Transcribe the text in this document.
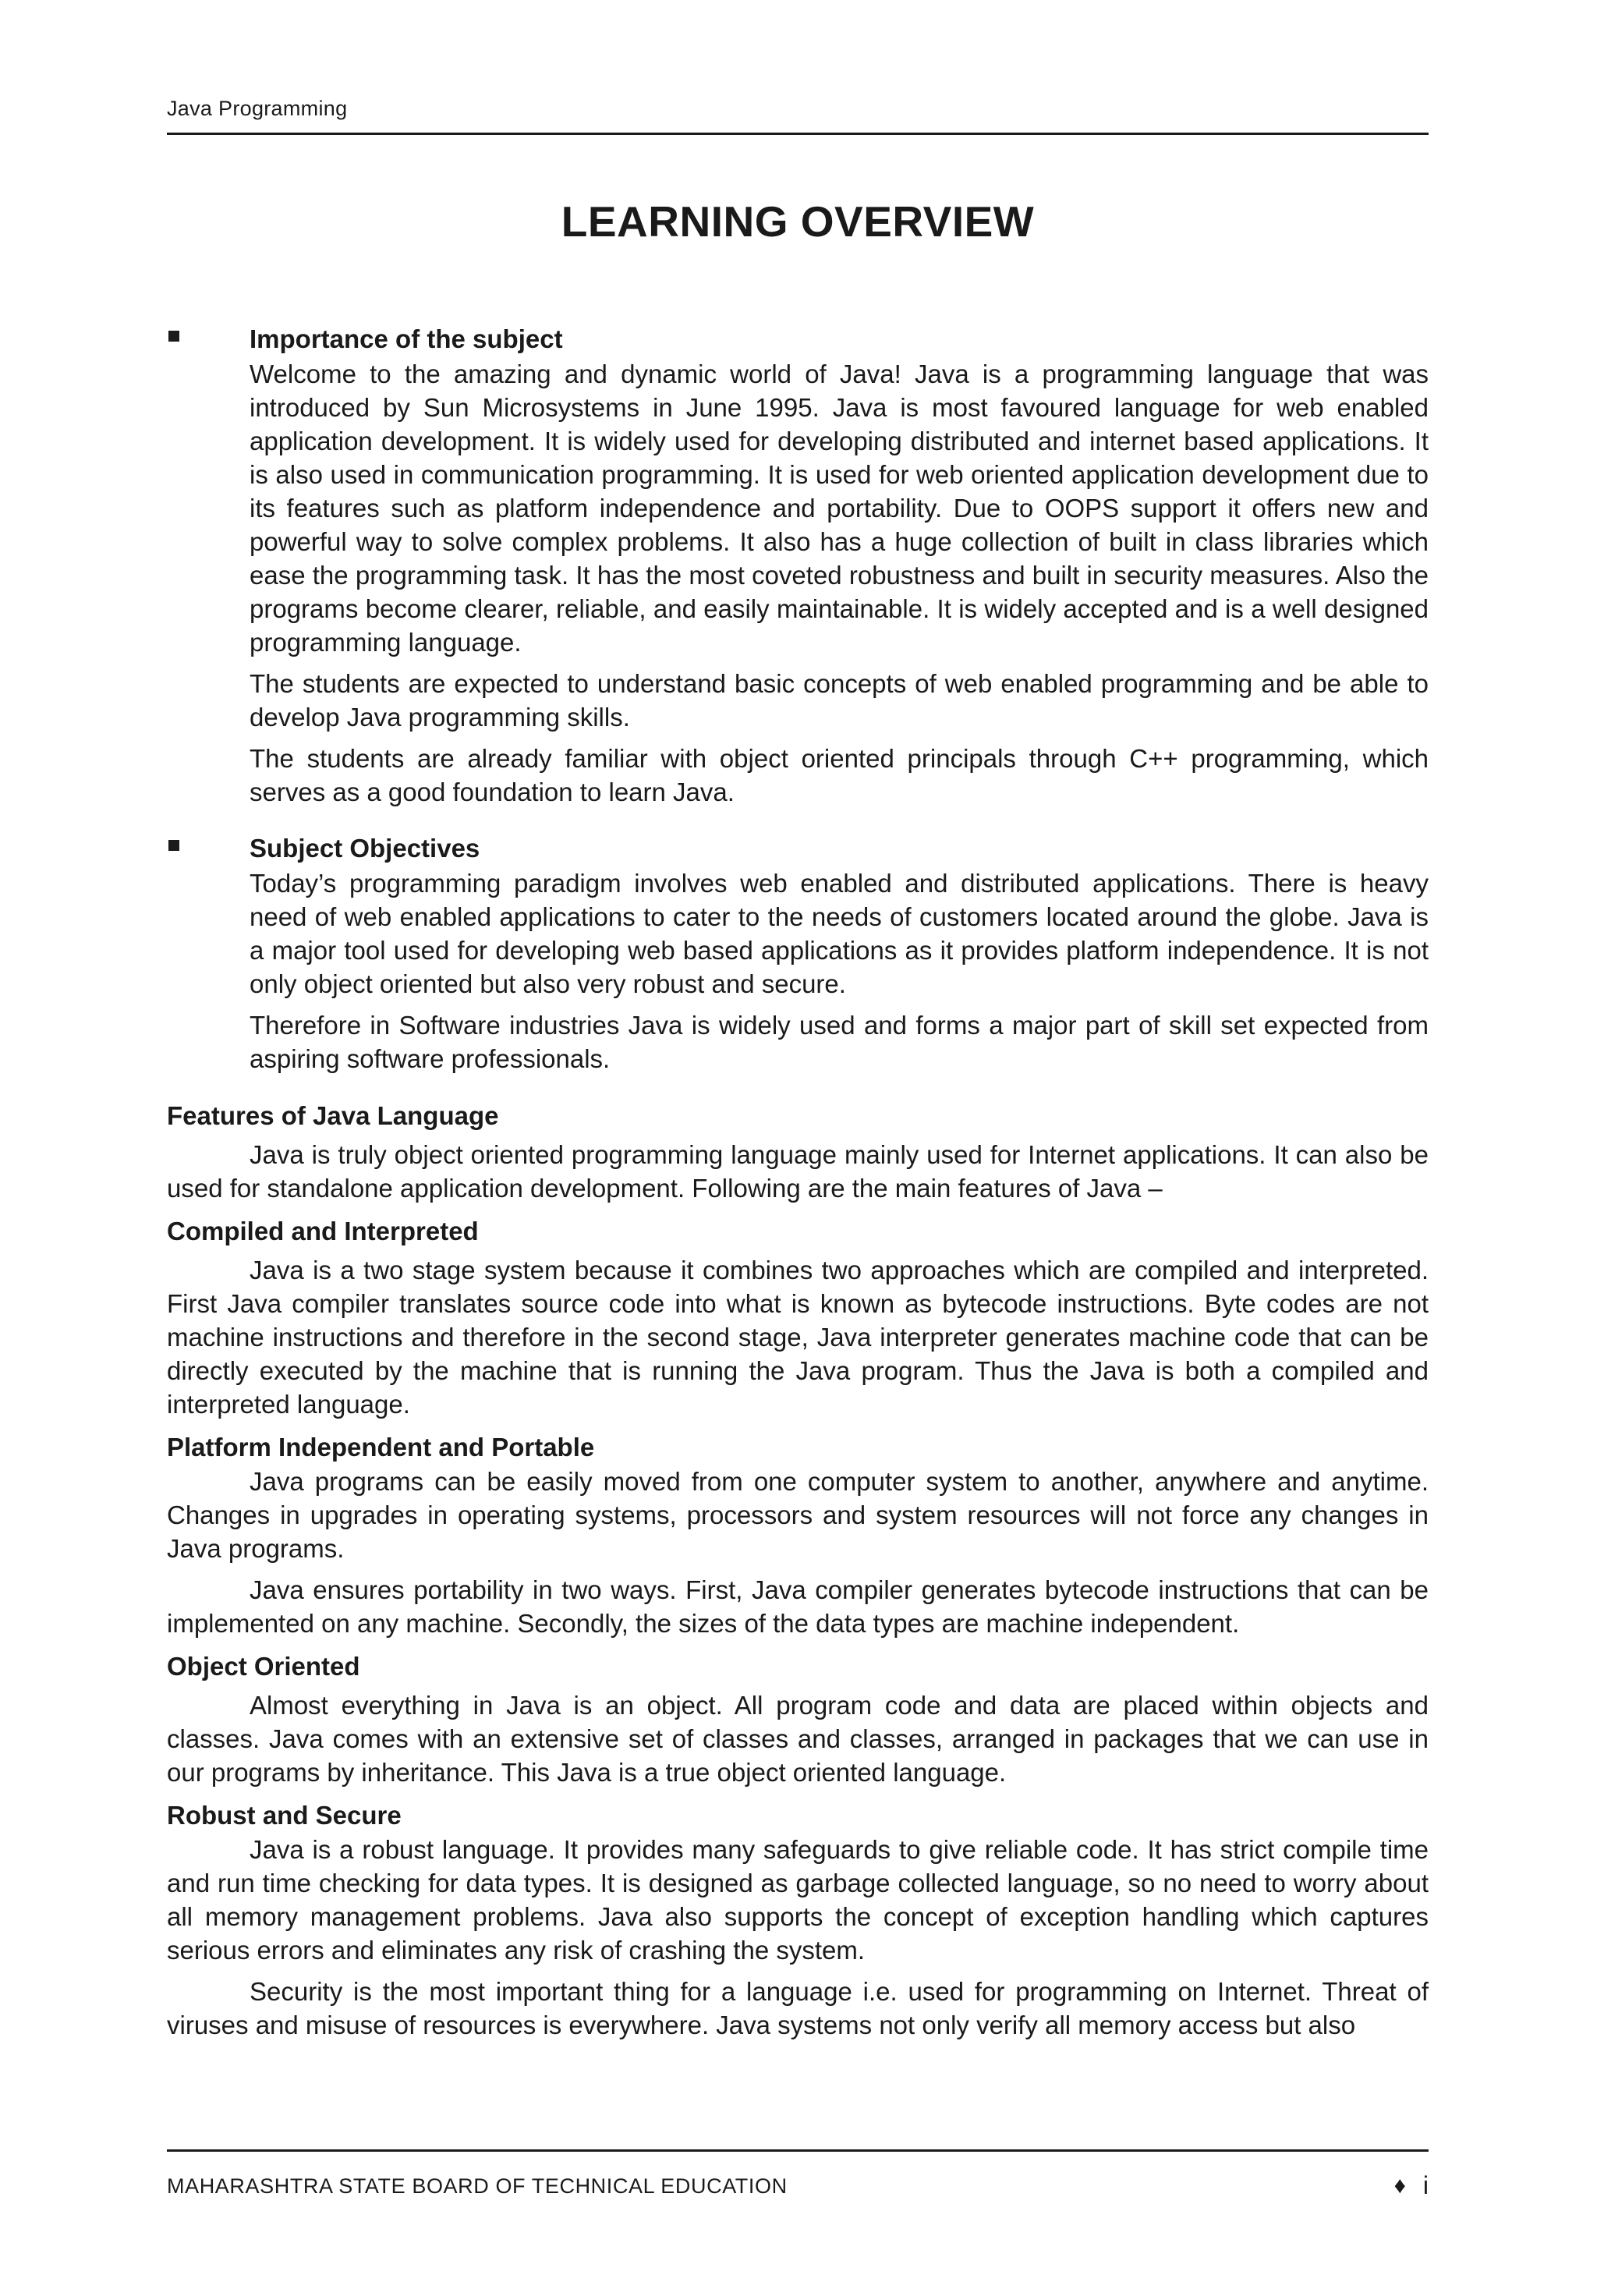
Java Programming
LEARNING OVERVIEW

Importance of the subject

Welcome to the amazing and dynamic world of Java! Java is a programming language that was introduced by Sun Microsystems in June 1995. Java is most favoured language for web enabled application development. It is widely used for developing distributed and internet based applications. It is also used in communication programming. It is used for web oriented application development due to its features such as platform independence and portability. Due to OOPS support it offers new and powerful way to solve complex problems. It also has a huge collection of built in class libraries which ease the programming task. It has the most coveted robustness and built in security measures. Also the programs become clearer, reliable, and easily maintainable. It is widely accepted and is a well designed programming language.

The students are expected to understand basic concepts of web enabled programming and be able to develop Java programming skills.

The students are already familiar with object oriented principals through C++ programming, which serves as a good foundation to learn Java.

Subject Objectives

Today’s programming paradigm involves web enabled and distributed applications. There is heavy need of web enabled applications to cater to the needs of customers located around the globe. Java is a major tool used for developing web based applications as it provides platform independence. It is not only object oriented but also very robust and secure.

Therefore in Software industries Java is widely used and forms a major part of skill set expected from aspiring software professionals.

Features of Java Language

Java is truly object oriented programming language mainly used for Internet applications. It can also be used for standalone application development. Following are the main features of Java –

Compiled and Interpreted

Java is a two stage system because it combines two approaches which are compiled and interpreted. First Java compiler translates source code into what is known as bytecode instructions. Byte codes are not machine instructions and therefore in the second stage, Java interpreter generates machine code that can be directly executed by the machine that is running the Java program. Thus the Java is both a compiled and interpreted language.

Platform Independent and Portable

Java programs can be easily moved from one computer system to another, anywhere and anytime. Changes in upgrades in operating systems, processors and system resources will not force any changes in Java programs.

Java ensures portability in two ways. First, Java compiler generates bytecode instructions that can be implemented on any machine. Secondly, the sizes of the data types are machine independent.

Object Oriented

Almost everything in Java is an object. All program code and data are placed within objects and classes. Java comes with an extensive set of classes and classes, arranged in packages that we can use in our programs by inheritance. This Java is a true object oriented language.

Robust and Secure

Java is a robust language. It provides many safeguards to give reliable code. It has strict compile time and run time checking for data types. It is designed as garbage collected language, so no need to worry about all memory management problems. Java also supports the concept of exception handling which captures serious errors and eliminates any risk of crashing the system.

Security is the most important thing for a language i.e. used for programming on Internet. Threat of viruses and misuse of resources is everywhere. Java systems not only verify all memory access but also

MAHARASHTRA STATE BOARD OF TECHNICAL EDUCATION	♦ i
